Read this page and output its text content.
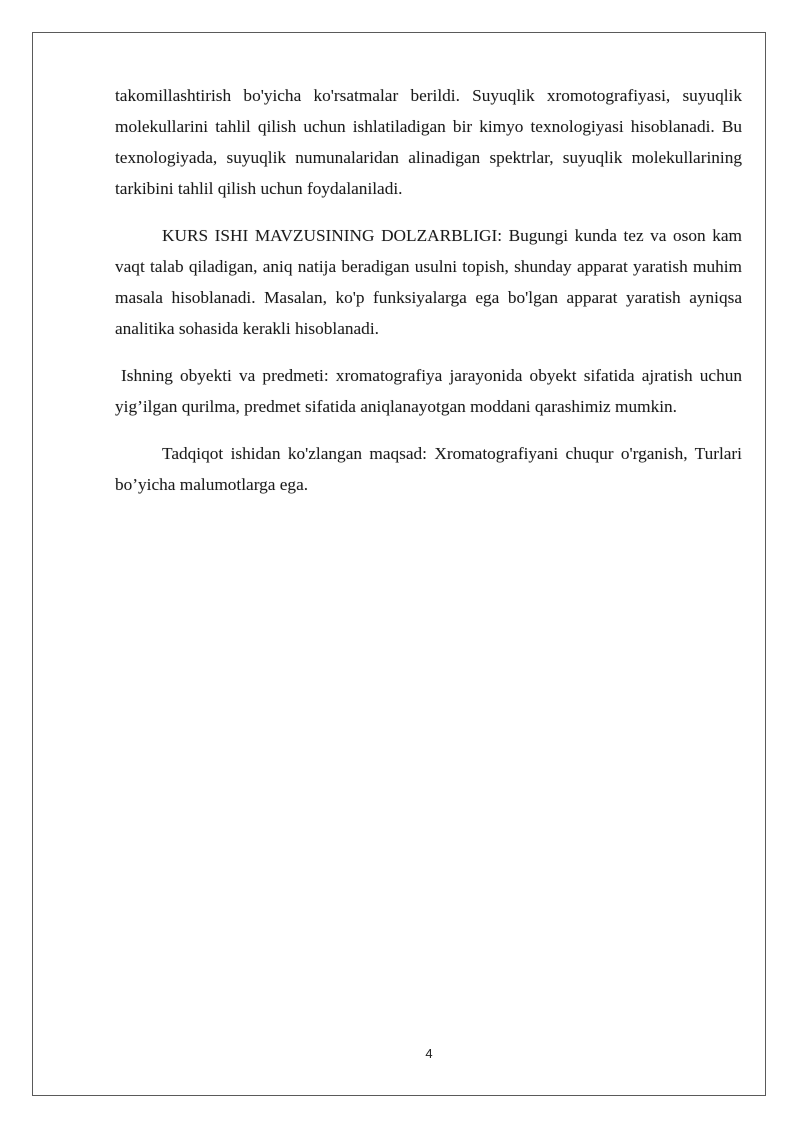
takomillashtirish bo'yicha ko'rsatmalar berildi. Suyuqlik xromotografiyasi, suyuqlik molekullarini tahlil qilish uchun ishlatiladigan bir kimyo texnologiyasi hisoblanadi. Bu texnologiyada, suyuqlik numunalaridan alinadigan spektrlar, suyuqlik molekullarining tarkibini tahlil qilish uchun foydalaniladi.

KURS ISHI MAVZUSINING DOLZARBLIGI: Bugungi kunda tez va oson kam vaqt talab qiladigan, aniq natija beradigan usulni topish, shunday apparat yaratish muhim masala hisoblanadi. Masalan, ko'p funksiyalarga ega bo'lgan apparat yaratish ayniqsa analitika sohasida kerakli hisoblanadi.

Ishning obyekti va predmeti: xromatografiya jarayonida obyekt sifatida ajratish uchun yig’ilgan qurilma, predmet sifatida aniqlanayotgan moddani qarashimiz mumkin.

Tadqiqot ishidan ko'zlangan maqsad: Xromatografiyani chuqur o'rganish, Turlari bo’yicha malumotlarga ega.

4
